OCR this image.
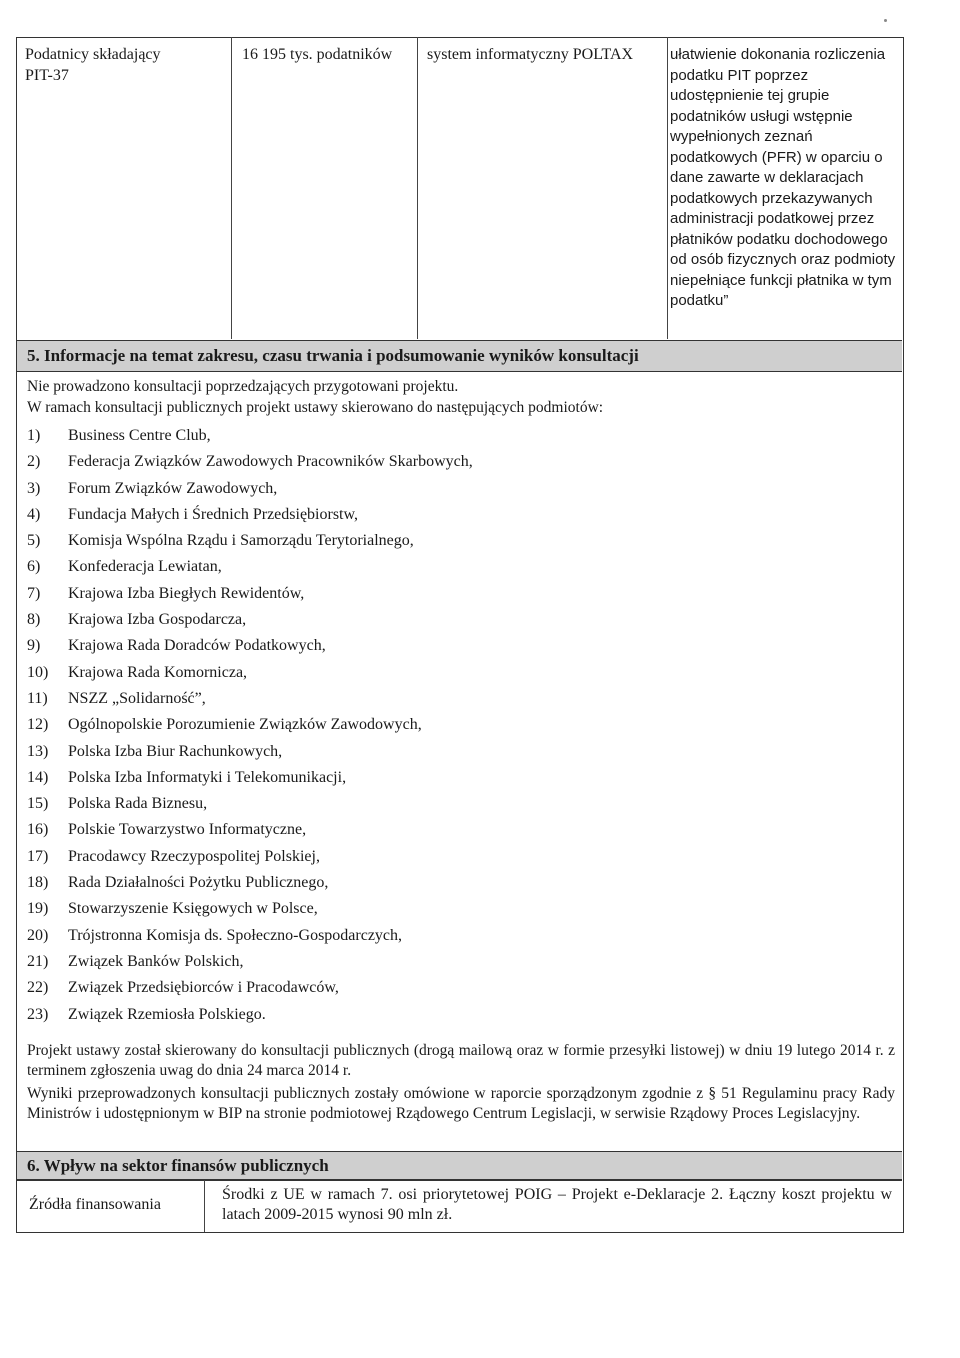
Podatnicy składający PIT-37
16 195 tys. podatników	system informatyczny POLTAX	ułatwienie dokonania rozliczenia podatku PIT poprzez udostępnienie tej grupie podatników usługi wstępnie wypełnionych zeznań podatkowych (PFR) w oparciu o dane zawarte w deklaracjach podatkowych przekazywanych administracji podatkowej przez płatników podatku dochodowego od osób fizycznych oraz podmioty niepełniące funkcji płatnika w tym podatku”
5. Informacje na temat zakresu, czasu trwania i podsumowanie wyników konsultacji
Nie prowadzono konsultacji poprzedzających przygotowani projektu.
W ramach konsultacji publicznych projekt ustawy skierowano do następujących podmiotów:
1) Business Centre Club,
2) Federacja Związków Zawodowych Pracowników Skarbowych,
3) Forum Związków Zawodowych,
4) Fundacja Małych i Średnich Przedsiębiorstw,
5) Komisja Wspólna Rządu i Samorządu Terytorialnego,
6) Konfederacja Lewiatan,
7) Krajowa Izba Biegłych Rewidentów,
8) Krajowa Izba Gospodarcza,
9) Krajowa Rada Doradców Podatkowych,
10) Krajowa Rada Komornicza,
11) NSZZ „Solidarność”,
12) Ogólnopolskie Porozumienie Związków Zawodowych,
13) Polska Izba Biur Rachunkowych,
14) Polska Izba Informatyki i Telekomunikacji,
15) Polska Rada Biznesu,
16) Polskie Towarzystwo Informatyczne,
17) Pracodawcy Rzeczypospolitej Polskiej,
18) Rada Działalności Pożytku Publicznego,
19) Stowarzyszenie Księgowych w Polsce,
20) Trójstronna Komisja ds. Społeczno-Gospodarczych,
21) Związek Banków Polskich,
22) Związek Przedsiębiorców i Pracodawców,
23) Związek Rzemiosła Polskiego.
Projekt ustawy został skierowany do konsultacji publicznych (drogą mailową oraz w formie przesyłki listowej) w dniu 19 lutego 2014 r. z terminem zgłoszenia uwag do dnia 24 marca 2014 r.
Wyniki przeprowadzonych konsultacji publicznych zostały omówione w raporcie sporządzonym zgodnie z § 51 Regulaminu pracy Rady Ministrów i udostępnionym w BIP na stronie podmiotowej Rządowego Centrum Legislacji, w serwisie Rządowy Proces Legislacyjny.
6. Wpływ na sektor finansów publicznych
Źródła finansowania
Środki z UE w ramach 7. osi priorytetowej POIG – Projekt e-Deklaracje 2. Łączny koszt projektu w latach 2009-2015 wynosi 90 mln zł.
